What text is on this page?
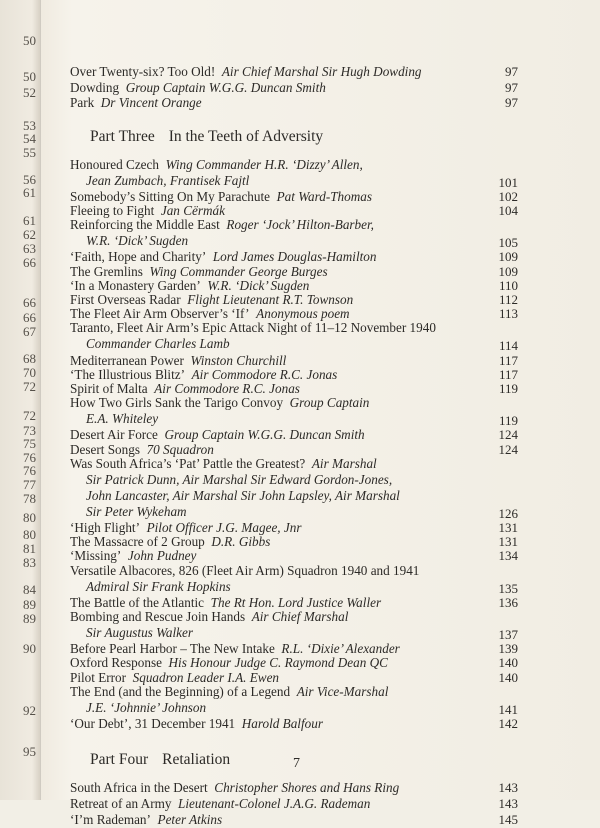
50
50
52
53
54
55
56
61
61
62
63
66
66
66
67
68
70
72
72
73
75
76
76
77
78
80
80
81
83
84
89
89
90
92
95
Over Twenty-six? Too Old!  Air Chief Marshal Sir Hugh Dowding	97
Dowding  Group Captain W.G.G. Duncan Smith	97
Park  Dr Vincent Orange	97
Part Three In the Teeth of Adversity
Honoured Czech  Wing Commander H.R. ‘Dizzy’ Allen,
Jean Zumbach, Frantisek Fajtl	101
Somebody’s Sitting On My Parachute  Pat Ward-Thomas	102
Fleeing to Fight  Jan Cërmák	104
Reinforcing the Middle East  Roger ‘Jock’ Hilton-Barber,
W.R. ‘Dick’ Sugden	105
‘Faith, Hope and Charity’  Lord James Douglas-Hamilton	109
The Gremlins  Wing Commander George Burges	109
‘In a Monastery Garden’  W.R. ‘Dick’ Sugden	110
First Overseas Radar  Flight Lieutenant R.T. Townson	112
The Fleet Air Arm Observer’s ‘If’  Anonymous poem	113
Taranto, Fleet Air Arm’s Epic Attack Night of 11–12 November 1940
Commander Charles Lamb	114
Mediterranean Power  Winston Churchill	117
‘The Illustrious Blitz’  Air Commodore R.C. Jonas	117
Spirit of Malta  Air Commodore R.C. Jonas	119
How Two Girls Sank the Tarigo Convoy  Group Captain
E.A. Whiteley	119
Desert Air Force  Group Captain W.G.G. Duncan Smith	124
Desert Songs  70 Squadron	124
Was South Africa’s ‘Pat’ Pattle the Greatest?  Air Marshal
Sir Patrick Dunn, Air Marshal Sir Edward Gordon-Jones,
John Lancaster, Air Marshal Sir John Lapsley, Air Marshal
Sir Peter Wykeham	126
‘High Flight’  Pilot Officer J.G. Magee, Jnr	131
The Massacre of 2 Group  D.R. Gibbs	131
‘Missing’  John Pudney	134
Versatile Albacores, 826 (Fleet Air Arm) Squadron 1940 and 1941
Admiral Sir Frank Hopkins	135
The Battle of the Atlantic  The Rt Hon. Lord Justice Waller	136
Bombing and Rescue Join Hands  Air Chief Marshal
Sir Augustus Walker	137
Before Pearl Harbor – The New Intake  R.L. ‘Dixie’ Alexander	139
Oxford Response  His Honour Judge C. Raymond Dean QC	140
Pilot Error  Squadron Leader I.A. Ewen	140
The End (and the Beginning) of a Legend  Air Vice-Marshal
J.E. ‘Johnnie’ Johnson	141
‘Our Debt’, 31 December 1941  Harold Balfour	142
Part Four Retaliation
South Africa in the Desert  Christopher Shores and Hans Ring	143
Retreat of an Army  Lieutenant-Colonel J.A.G. Rademan	143
‘I’m Rademan’  Peter Atkins	145
7
